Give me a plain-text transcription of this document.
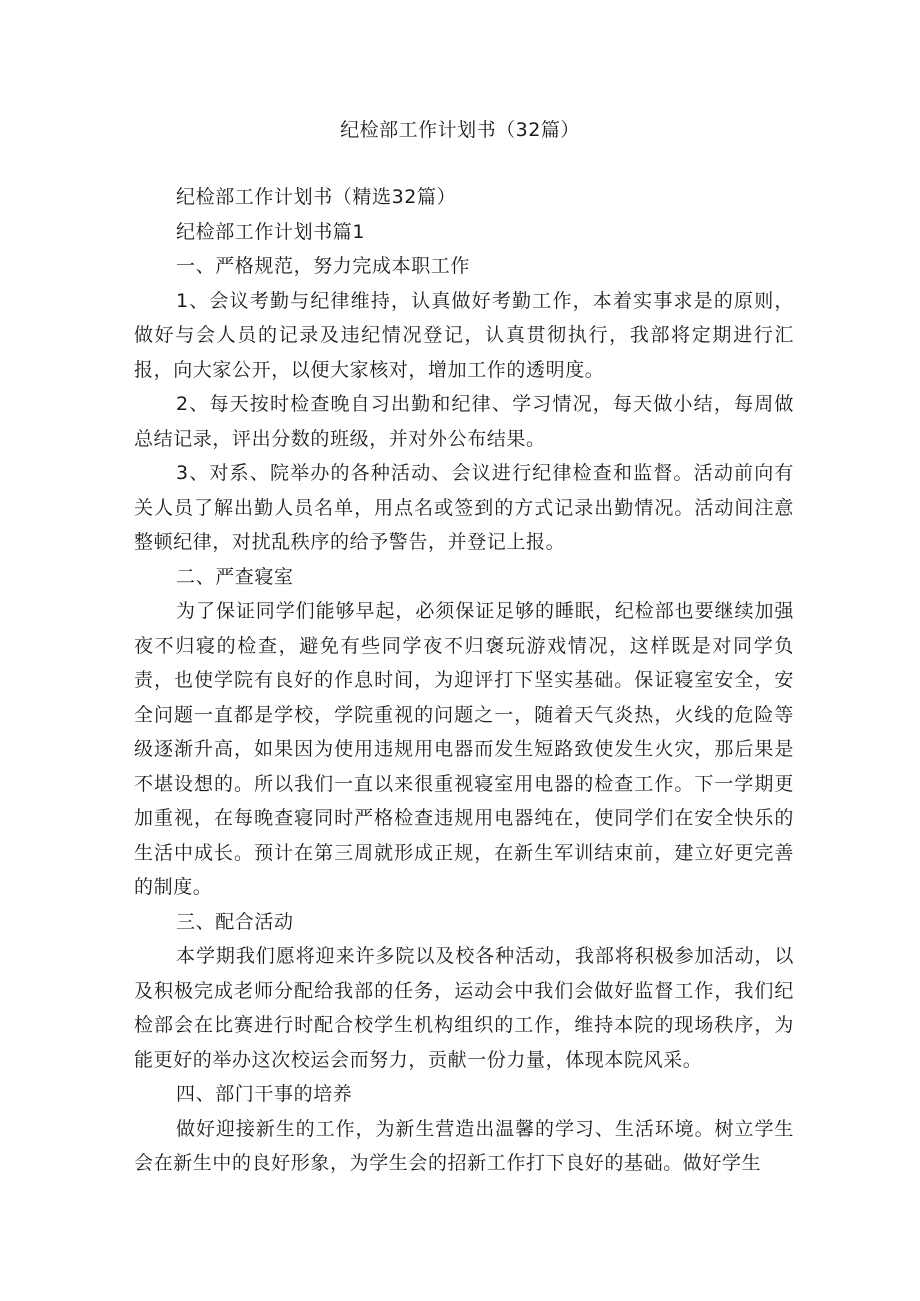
纪检部工作计划书（32篇）

纪检部工作计划书（精选32篇）

纪检部工作计划书篇1

一、严格规范，努力完成本职工作

1、会议考勤与纪律维持，认真做好考勤工作，本着实事求是的原则，做好与会人员的记录及违纪情况登记，认真贯彻执行，我部将定期进行汇报，向大家公开，以便大家核对，增加工作的透明度。

2、每天按时检查晚自习出勤和纪律、学习情况，每天做小结，每周做总结记录，评出分数的班级，并对外公布结果。

3、对系、院举办的各种活动、会议进行纪律检查和监督。活动前向有关人员了解出勤人员名单，用点名或签到的方式记录出勤情况。活动间注意整顿纪律，对扰乱秩序的给予警告，并登记上报。

二、严查寝室

为了保证同学们能够早起，必须保证足够的睡眠，纪检部也要继续加强夜不归寝的检查，避免有些同学夜不归褒玩游戏情况，这样既是对同学负责，也使学院有良好的作息时间，为迎评打下坚实基础。保证寝室安全，安全问题一直都是学校，学院重视的问题之一，随着天气炎热，火线的危险等级逐渐升高，如果因为使用违规用电器而发生短路致使发生火灾，那后果是不堪设想的。所以我们一直以来很重视寝室用电器的检查工作。下一学期更加重视，在每晚查寝同时严格检查违规用电器纯在，使同学们在安全快乐的生活中成长。预计在第三周就形成正规，在新生军训结束前，建立好更完善的制度。

三、配合活动

本学期我们愿将迎来许多院以及校各种活动，我部将积极参加活动，以及积极完成老师分配给我部的任务，运动会中我们会做好监督工作，我们纪检部会在比赛进行时配合校学生机构组织的工作，维持本院的现场秩序，为能更好的举办这次校运会而努力，贡献一份力量，体现本院风采。

四、部门干事的培养

做好迎接新生的工作，为新生营造出温馨的学习、生活环境。树立学生会在新生中的良好形象，为学生会的招新工作打下良好的基础。做好学生
